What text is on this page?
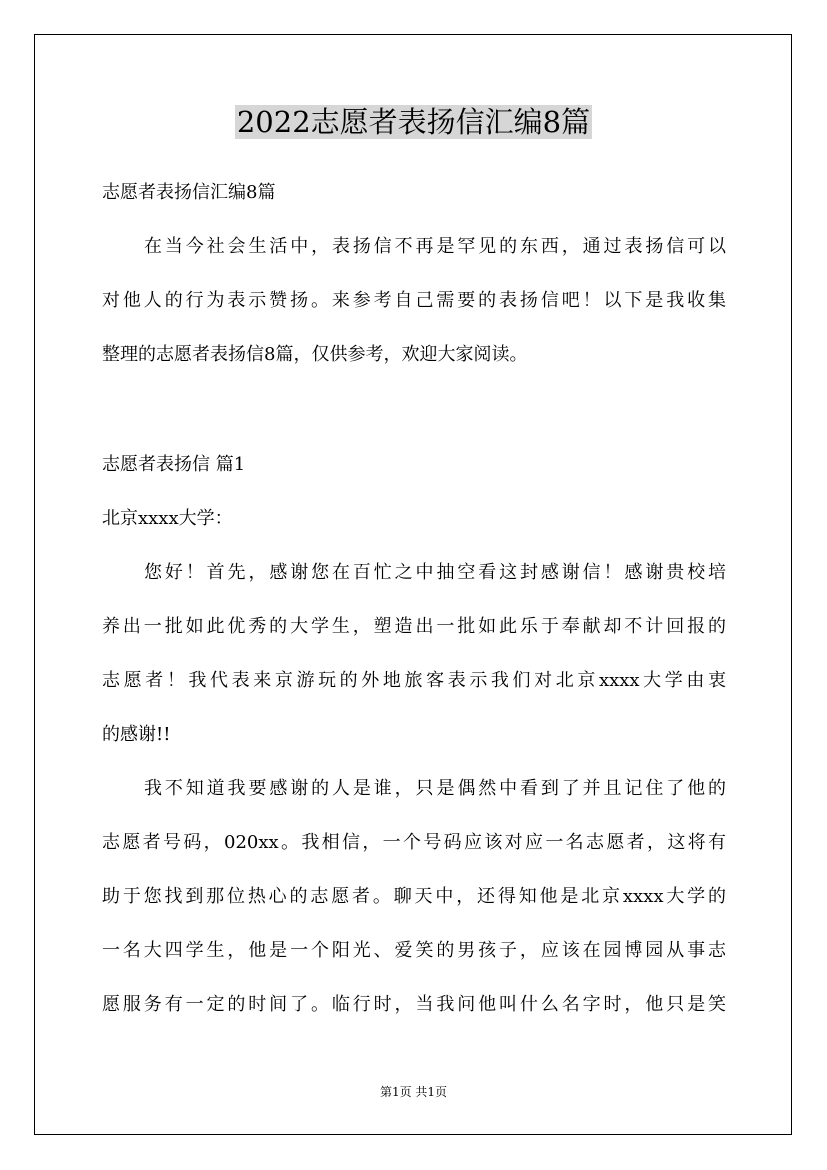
2022志愿者表扬信汇编8篇
志愿者表扬信汇编8篇
在当今社会生活中，表扬信不再是罕见的东西，通过表扬信可以
对他人的行为表示赞扬。来参考自己需要的表扬信吧！以下是我收集
整理的志愿者表扬信8篇，仅供参考，欢迎大家阅读。
志愿者表扬信 篇1
北京xxxx大学：
您好！首先，感谢您在百忙之中抽空看这封感谢信！感谢贵校培
养出一批如此优秀的大学生，塑造出一批如此乐于奉献却不计回报的
志愿者！我代表来京游玩的外地旅客表示我们对北京xxxx大学由衷
的感谢!!
我不知道我要感谢的人是谁，只是偶然中看到了并且记住了他的
志愿者号码，020xx。我相信，一个号码应该对应一名志愿者，这将有
助于您找到那位热心的志愿者。聊天中，还得知他是北京xxxx大学的
一名大四学生，他是一个阳光、爱笑的男孩子，应该在园博园从事志
愿服务有一定的时间了。临行时，当我问他叫什么名字时，他只是笑
第1页 共1页
